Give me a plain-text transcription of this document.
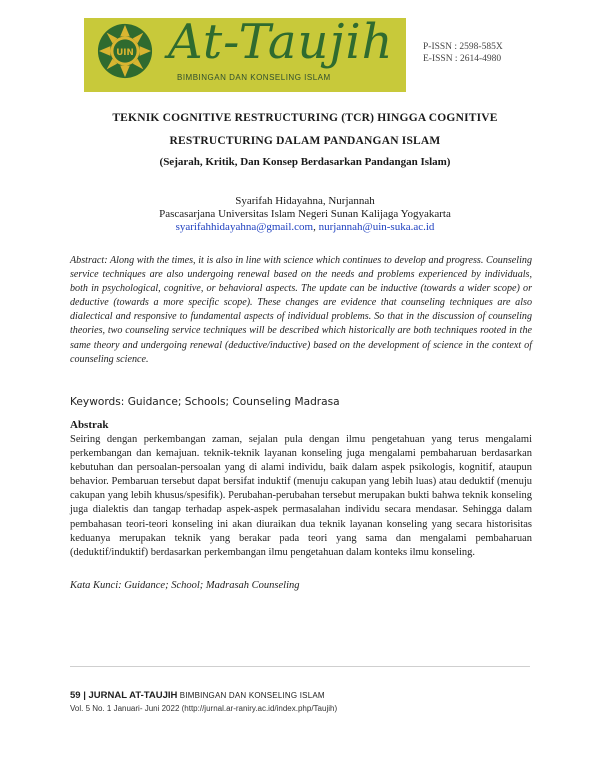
UIN At-Taujih
BIMBINGAN DAN KONSELING ISLAM
P-ISSN : 2598-585X
E-ISSN : 2614-4980
TEKNIK COGNITIVE RESTRUCTURING (TCR) HINGGA COGNITIVE
RESTRUCTURING DALAM PANDANGAN ISLAM
(Sejarah, Kritik, Dan Konsep Berdasarkan Pandangan Islam)
Syarifah Hidayahna, Nurjannah
Pascasarjana Universitas Islam Negeri Sunan Kalijaga Yogyakarta
syarifahhidayahna@gmail.com, nurjannah@uin-suka.ac.id
Abstract: Along with the times, it is also in line with science which continues to develop and progress. Counseling service techniques are also undergoing renewal based on the needs and problems experienced by individuals, both in psychological, cognitive, or behavioral aspects. The update can be inductive (towards a wider scope) or deductive (towards a more specific scope). These changes are evidence that counseling techniques are also dialectical and responsive to fundamental aspects of individual problems. So that in the discussion of counseling theories, two counseling service techniques will be described which historically are both techniques rooted in the same theory and undergoing renewal (deductive/inductive) based on the development of science in the context of counseling science.
Keywords: Guidance; Schools; Counseling Madrasa
Abstrak
Seiring dengan perkembangan zaman, sejalan pula dengan ilmu pengetahuan yang terus mengalami perkembangan dan kemajuan. teknik-teknik layanan konseling juga mengalami pembaharuan berdasarkan kebutuhan dan persoalan-persoalan yang di alami individu, baik dalam aspek psikologis, kognitif, ataupun behavior. Pembaruan tersebut dapat bersifat induktif (menuju cakupan yang lebih luas) atau deduktif (menuju cakupan yang lebih khusus/spesifik). Perubahan-perubahan tersebut merupakan bukti bahwa teknik konseling juga dialektis dan tangap terhadap aspek-aspek permasalahan individu secara mendasar. Sehingga dalam pembahasan teori-teori konseling ini akan diuraikan dua teknik layanan konseling yang secara historisitas keduanya merupakan teknik yang berakar pada teori yang sama dan mengalami pembaharuan (deduktif/induktif) berdasarkan perkembangan ilmu pengetahuan dalam konteks ilmu konseling.
Kata Kunci: Guidance; School; Madrasah Counseling
59 | JURNAL AT-TAUJIH BIMBINGAN DAN KONSELING ISLAM
Vol. 5 No. 1 Januari- Juni 2022 (http://jurnal.ar-raniry.ac.id/index.php/Taujih)
